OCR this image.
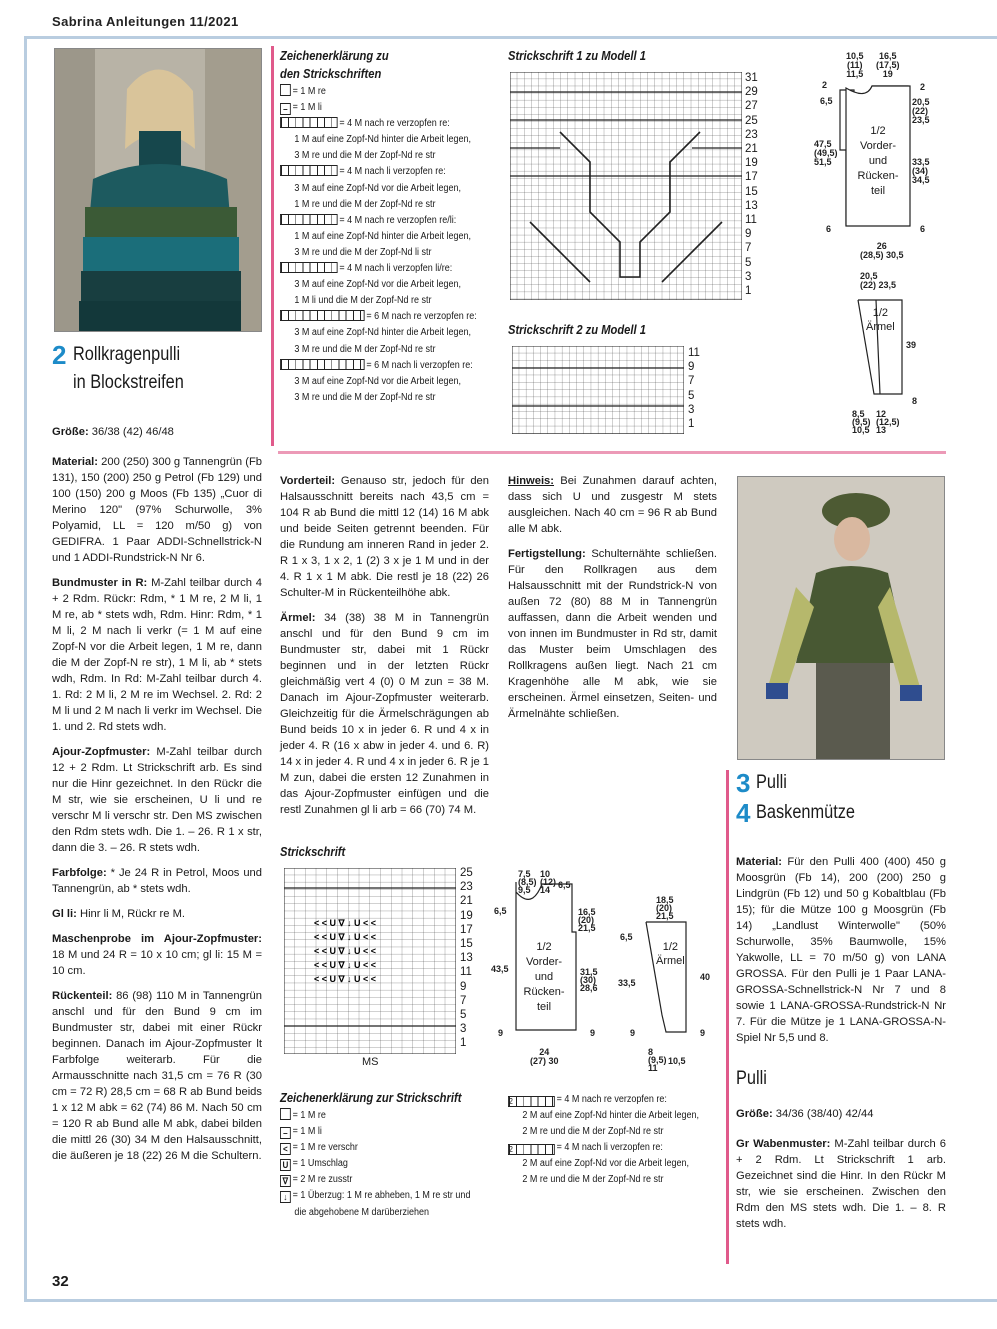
Sabrina Anleitungen 11/2021
32
2 Rollkragenpulli
in Blockstreifen

Größe: 36/38 (42) 46/48

Material: 200 (250) 300 g Tannengrün (Fb 131), 150 (200) 250 g Petrol (Fb 129) und 100 (150) 200 g Moos (Fb 135) „Cuor di Merino 120" (97% Schurwolle, 3% Polyamid, LL = 120 m/50 g) von GEDIFRA. 1 Paar ADDI-Schnellstrick-N und 1 ADDI-Rundstrick-N Nr 6.

Bundmuster in R: M-Zahl teilbar durch 4 + 2 Rdm. Rückr: Rdm, * 1 M re, 2 M li, 1 M re, ab * stets wdh, Rdm. Hinr: Rdm, * 1 M li, 2 M nach li verkr (= 1 M auf eine Zopf-N vor die Arbeit legen, 1 M re, dann die M der Zopf-N re str), 1 M li, ab * stets wdh, Rdm. In Rd: M-Zahl teilbar durch 4. 1. Rd: 2 M li, 2 M re im Wechsel. 2. Rd: 2 M li und 2 M nach li verkr im Wechsel. Die 1. und 2. Rd stets wdh.

Ajour-Zopfmuster: M-Zahl teilbar durch 12 + 2 Rdm. Lt Strickschrift arb. Es sind nur die Hinr gezeichnet. In den Rückr die M str, wie sie erscheinen, U li und re verschr M li verschr str. Den MS zwischen den Rdm stets wdh. Die 1. – 26. R 1 x str, dann die 3. – 26. R stets wdh.

Farbfolge: * Je 24 R in Petrol, Moos und Tannengrün, ab * stets wdh.

Gl li: Hinr li M, Rückr re M.

Maschenprobe im Ajour-Zopfmuster: 18 M und 24 R = 10 x 10 cm; gl li: 15 M = 10 cm.

Rückenteil: 86 (98) 110 M in Tannengrün anschl und für den Bund 9 cm im Bundmuster str, dabei mit einer Rückr beginnen. Danach im Ajour-Zopfmuster lt Farbfolge weiterarb. Für die Armausschnitte nach 31,5 cm = 76 R (30 cm = 72 R) 28,5 cm = 68 R ab Bund beids 1 x 12 M abk = 62 (74) 86 M. Nach 50 cm = 120 R ab Bund alle M abk, dabei bilden die mittl 26 (30) 34 M den Halsausschnitt, die äußeren je 18 (22) 26 M die Schultern.

Vorderteil: Genauso str, jedoch für den Halsausschnitt bereits nach 43,5 cm = 104 R ab Bund die mittl 12 (14) 16 M abk und beide Seiten getrennt beenden. Für die Rundung am inneren Rand in jeder 2. R 1 x 3, 1 x 2, 1 (2) 3 x je 1 M und in der 4. R 1 x 1 M abk. Die restl je 18 (22) 26 Schulter-M in Rückenteilhöhe abk.

Ärmel: 34 (38) 38 M in Tannengrün anschl und für den Bund 9 cm im Bundmuster str, dabei mit 1 Rückr beginnen und in der letzten Rückr gleichmäßig vert 4 (0) 0 M zun = 38 M. Danach im Ajour-Zopfmuster weiterarb. Gleichzeitig für die Ärmelschrägungen ab Bund beids 10 x in jeder 6. R und 4 x in jeder 4. R (16 x abw in jeder 4. und 6. R) 14 x in jeder 4. R und 4 x in jeder 6. R je 1 M zun, dabei die ersten 12 Zunahmen in das Ajour-Zopfmuster einfügen und die restl Zunahmen gl li arb = 66 (70) 74 M.

Hinweis: Bei Zunahmen darauf achten, dass sich U und zusgestr M stets ausgleichen. Nach 40 cm = 96 R ab Bund alle M abk.

Fertigstellung: Schulternähte schließen. Für den Rollkragen aus dem Halsausschnitt mit der Rundstrick-N von außen 72 (80) 88 M in Tannengrün auffassen, dann die Arbeit wenden und von innen im Bundmuster in Rd str, damit das Muster beim Umschlagen des Rollkragens außen liegt. Nach 21 cm Kragenhöhe alle M abk, wie sie erscheinen. Ärmel einsetzen, Seiten- und Ärmelnähte schließen.

Zeichenerklärung zu
den Strickschriften
= 1 M re
– = 1 M li
= 4 M nach re verzopfen re:
1 M auf eine Zopf-Nd hinter die Arbeit legen,
3 M re und die M der Zopf-Nd re str
= 4 M nach li verzopfen re:
3 M auf eine Zopf-Nd vor die Arbeit legen,
1 M re und die M der Zopf-Nd re str
= 4 M nach re verzopfen re/li:
1 M auf eine Zopf-Nd hinter die Arbeit legen,
3 M re und die M der Zopf-Nd li str
= 4 M nach li verzopfen li/re:
3 M auf eine Zopf-Nd vor die Arbeit legen,
1 M li und die M der Zopf-Nd re str
= 6 M nach re verzopfen re:
3 M auf eine Zopf-Nd hinter die Arbeit legen,
3 M re und die M der Zopf-Nd re str
= 6 M nach li verzopfen re:
3 M auf eine Zopf-Nd vor die Arbeit legen,
3 M re und die M der Zopf-Nd re str
Strickschrift 1 zu Modell 1
31
29
27
25
23
21
19
17
15
13
11
9
7
5
3
1
Strickschrift 2 zu Modell 1
11
9
7
5
3
1
10,5
(11)
11,5
16,5
(17,5)
19
2
6,5
2
20,5
(22)
23,5
47,5
(49,5)
51,5
1/2
Vorder-
und
Rücken-
teil
33,5
(34)
34,5
6	6
26
(28,5) 30,5
20,5
(22) 23,5
1/2
Ärmel
39
8
8,5
(9,5)
10,5
12
(12,5)
13
3 Pulli
4 Baskenmütze

Material: Für den Pulli 400 (400) 450 g Moosgrün (Fb 14), 200 (200) 250 g Lindgrün (Fb 12) und 50 g Kobaltblau (Fb 15); für die Mütze 100 g Moosgrün (Fb 14) „Landlust Winterwolle" (50% Schurwolle, 35% Baumwolle, 15% Yakwolle, LL = 70 m/50 g) von LANA GROSSA. Für den Pulli je 1 Paar LANA-GROSSA-Schnellstrick-N Nr 7 und 8 sowie 1 LANA-GROSSA-Rundstrick-N Nr 7. Für die Mütze je 1 LANA-GROSSA-N-Spiel Nr 5,5 und 8.

Pulli

Größe: 34/36 (38/40) 42/44

Gr Wabenmuster: M-Zahl teilbar durch 6 + 2 Rdm. Lt Strickschrift 1 arb. Gezeichnet sind die Hinr. In den Rückr M str, wie sie erscheinen. Zwischen den Rdm den MS stets wdh. Die 1. – 8. R stets wdh.

Strickschrift
< < U ∇ ↓ U < <
< < U ∇ ↓ U < <
< < U ∇ ↓ U < <
< < U ∇ ↓ U < <
< < U ∇ ↓ U < <
25
23
21
19
17
15
13
11
9
7
5
3
1
MS
7,5
(8,5)
9,5
10
(12)
14 6,5
6,5	16,5
(20)
21,5
43,5
1/2
Vorder-
und
Rücken-
teil
31,5
(30)
28,6
9	9
24
(27) 30
18,5
(20)
21,5
6,5
1/2
Ärmel
33,5
40
9	9
8
(9,5)
11
10,5
Zeichenerklärung zur Strickschrift
= 1 M re
– = 1 M li
< = 1 M re verschr
U = 1 Umschlag
∇ = 2 M re zusstr
↓ = 1 Überzug: 1 M re abheben, 1 M re str und
die abgehobene M darüberziehen
2	= 4 M nach re verzopfen re:
2 M auf eine Zopf-Nd hinter die Arbeit legen,
2 M re und die M der Zopf-Nd re str
2	= 4 M nach li verzopfen re:
2 M auf eine Zopf-Nd vor die Arbeit legen,
2 M re und die M der Zopf-Nd re str
